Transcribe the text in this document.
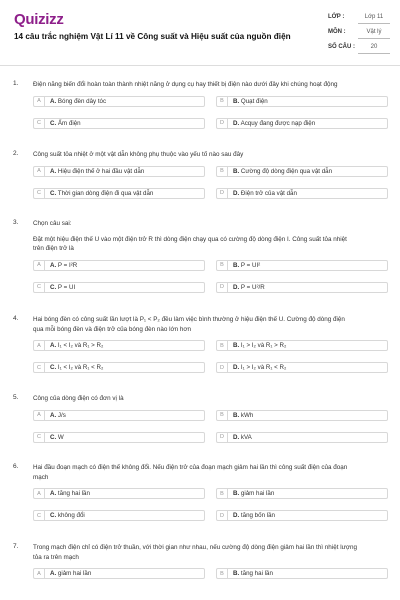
Quizizz
14 câu trắc nghiệm Vật Lí 11 về Công suất và Hiệu suất của nguồn điện
LỚP :	Lớp 11
MÔN :	Vật lý
SỐ CÂU :	20
1. Điện năng biến đổi hoàn toàn thành nhiệt năng ở dụng cụ hay thiết bị điện nào dưới đây khi chúng hoạt động
A	A. Bóng đèn dây tóc	B	B. Quạt điện
C	C. Ấm điện	D	D. Acquy đang được nạp điện
2. Công suất tỏa nhiệt ở một vật dẫn không phụ thuộc vào yếu tố nào sau đây
A	A. Hiệu điện thế ở hai đầu vật dẫn	B	B. Cường độ dòng điện qua vật dẫn
C	C. Thời gian dòng điện đi qua vật dẫn	D	D. Điện trở của vật dẫn
3. Chọn câu sai:
Đặt một hiệu điện thế U vào một điện trở R thì dòng điện chạy qua có cường độ dòng điện I. Công suất tỏa nhiệt
trên điện trở là
A	A. P = I²R	B	B. P = UI²
C	C. P = UI	D	D. P = U²/R
4. Hai bóng đèn có công suất lần lượt là P₁ < P₂ đều làm việc bình thường ở hiệu điện thế U. Cường độ dòng điện
qua mỗi bóng đèn và điện trở của bóng đèn nào lớn hơn
A	A. I₁ < I₂ và R₁ > R₂	B	B. I₁ > I₂ và R₁ > R₂
C	C. I₁ < I₂ và R₁ < R₂	D	D. I₁ > I₂ và R₁ < R₂
5. Công của dòng điện có đơn vị là
A	A. J/s	B	B. kWh
C	C. W	D	D. kVA
6. Hai đầu đoạn mạch có điện thế không đổi. Nếu điện trở của đoạn mạch giảm hai lần thì công suất điện của đoạn
mạch
A	A. tăng hai lần	B	B. giảm hai lần
C	C. không đổi	D	D. tăng bốn lần
7. Trong mạch điện chỉ có điện trở thuần, với thời gian như nhau, nếu cường độ dòng điện giảm hai lần thì nhiệt lượng
tỏa ra trên mạch
A	A. giảm hai lần	B	B. tăng hai lần
